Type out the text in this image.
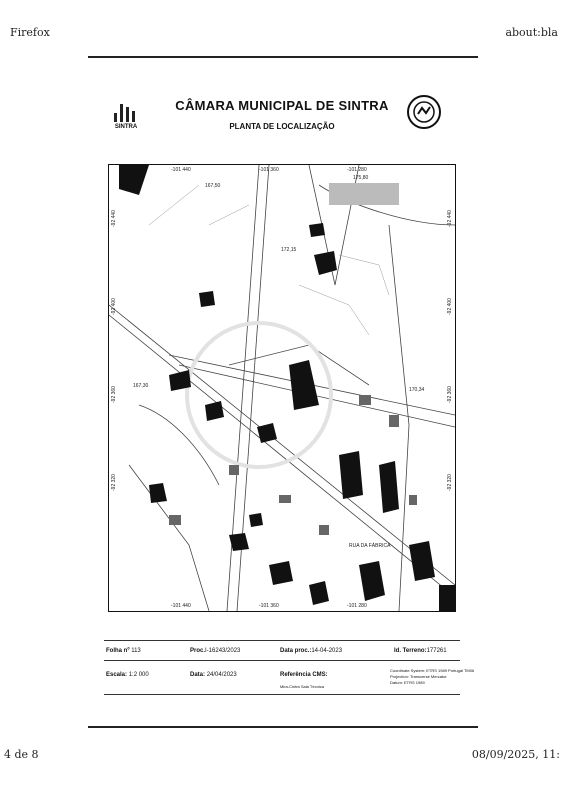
Firefox	about:bla
SINTRA
CÂMARA MUNICIPAL DE SINTRA
PLANTA DE LOCALIZAÇÃO
-101 440	-101 360	-101 280
-101 440	-101 360	-101 280
-92 440
-92 400
-92 360
-92 320
-92 440
-92 400
-92 360
-92 320
167,50
172,15
167,30
170,34
175,80
RUA DA FÁBRICA
Folha nº 113	Proc.I-16243/2023	Data proc.:14-04-2023	Id. Terreno:177261
Escala: 1:2 000	Data: 24/04/2023	Referência CMS:
Mira-Cintra Sala Técnica
Coordinate System: ETRS 1989 Portugal TM06
Projection: Transverse Mercator
Datum: ETRS 1989
4 de 8	08/09/2025, 11:
